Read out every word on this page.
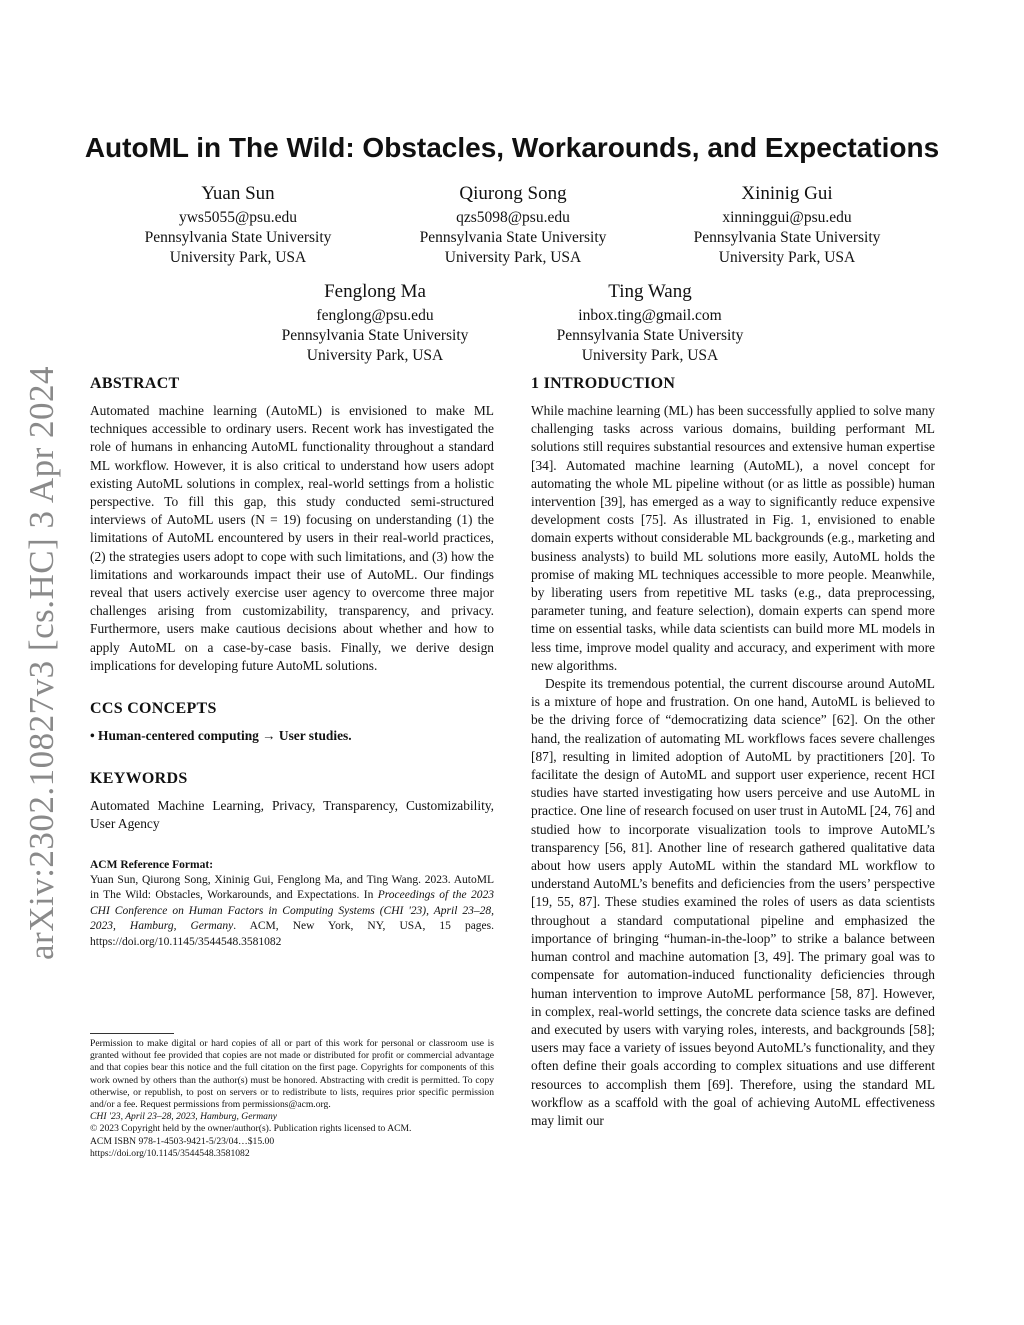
arXiv:2302.10827v3 [cs.HC] 3 Apr 2024
AutoML in The Wild: Obstacles, Workarounds, and Expectations
Yuan Sun
yws5055@psu.edu
Pennsylvania State University
University Park, USA
Qiurong Song
qzs5098@psu.edu
Pennsylvania State University
University Park, USA
Xininig Gui
xinninggui@psu.edu
Pennsylvania State University
University Park, USA
Fenglong Ma
fenglong@psu.edu
Pennsylvania State University
University Park, USA
Ting Wang
inbox.ting@gmail.com
Pennsylvania State University
University Park, USA
ABSTRACT

Automated machine learning (AutoML) is envisioned to make ML techniques accessible to ordinary users. Recent work has investigated the role of humans in enhancing AutoML functionality throughout a standard ML workflow. However, it is also critical to understand how users adopt existing AutoML solutions in complex, real-world settings from a holistic perspective. To fill this gap, this study conducted semi-structured interviews of AutoML users (N = 19) focusing on understanding (1) the limitations of AutoML encountered by users in their real-world practices, (2) the strategies users adopt to cope with such limitations, and (3) how the limitations and workarounds impact their use of AutoML. Our findings reveal that users actively exercise user agency to overcome three major challenges arising from customizability, transparency, and privacy. Furthermore, users make cautious decisions about whether and how to apply AutoML on a case-by-case basis. Finally, we derive design implications for developing future AutoML solutions.

CCS CONCEPTS

• Human-centered computing → User studies.

KEYWORDS

Automated Machine Learning, Privacy, Transparency, Customizability, User Agency

ACM Reference Format:
Yuan Sun, Qiurong Song, Xininig Gui, Fenglong Ma, and Ting Wang. 2023. AutoML in The Wild: Obstacles, Workarounds, and Expectations. In Proceedings of the 2023 CHI Conference on Human Factors in Computing Systems (CHI '23), April 23–28, 2023, Hamburg, Germany. ACM, New York, NY, USA, 15 pages. https://doi.org/10.1145/3544548.3581082

Permission to make digital or hard copies of all or part of this work for personal or classroom use is granted without fee provided that copies are not made or distributed for profit or commercial advantage and that copies bear this notice and the full citation on the first page. Copyrights for components of this work owned by others than the author(s) must be honored. Abstracting with credit is permitted. To copy otherwise, or republish, to post on servers or to redistribute to lists, requires prior specific permission and/or a fee. Request permissions from permissions@acm.org.

CHI '23, April 23–28, 2023, Hamburg, Germany

© 2023 Copyright held by the owner/author(s). Publication rights licensed to ACM.

ACM ISBN 978-1-4503-9421-5/23/04…$15.00

https://doi.org/10.1145/3544548.3581082

1 INTRODUCTION

While machine learning (ML) has been successfully applied to solve many challenging tasks across various domains, building performant ML solutions still requires substantial resources and extensive human expertise [34]. Automated machine learning (AutoML), a novel concept for automating the whole ML pipeline without (or as little as possible) human intervention [39], has emerged as a way to significantly reduce expensive development costs [75]. As illustrated in Fig. 1, envisioned to enable domain experts without considerable ML backgrounds (e.g., marketing and business analysts) to build ML solutions more easily, AutoML holds the promise of making ML techniques accessible to more people. Meanwhile, by liberating users from repetitive ML tasks (e.g., data preprocessing, parameter tuning, and feature selection), domain experts can spend more time on essential tasks, while data scientists can build more ML models in less time, improve model quality and accuracy, and experiment with more new algorithms.

Despite its tremendous potential, the current discourse around AutoML is a mixture of hope and frustration. On one hand, AutoML is believed to be the driving force of “democratizing data science” [62]. On the other hand, the realization of automating ML workflows faces severe challenges [87], resulting in limited adoption of AutoML by practitioners [20]. To facilitate the design of AutoML and support user experience, recent HCI studies have started investigating how users perceive and use AutoML in practice. One line of research focused on user trust in AutoML [24, 76] and studied how to incorporate visualization tools to improve AutoML’s transparency [56, 81]. Another line of research gathered qualitative data about how users apply AutoML within the standard ML workflow to understand AutoML’s benefits and deficiencies from the users’ perspective [19, 55, 87]. These studies examined the roles of users as data scientists throughout a standard computational pipeline and emphasized the importance of bringing “human-in-the-loop” to strike a balance between human control and machine automation [3, 49]. The primary goal was to compensate for automation-induced functionality deficiencies through human intervention to improve AutoML performance [58, 87]. However, in complex, real-world settings, the concrete data science tasks are defined and executed by users with varying roles, interests, and backgrounds [58]; users may face a variety of issues beyond AutoML’s functionality, and they often define their goals according to complex situations and use different resources to accomplish them [69]. Therefore, using the standard ML workflow as a scaffold with the goal of achieving AutoML effectiveness may limit our
